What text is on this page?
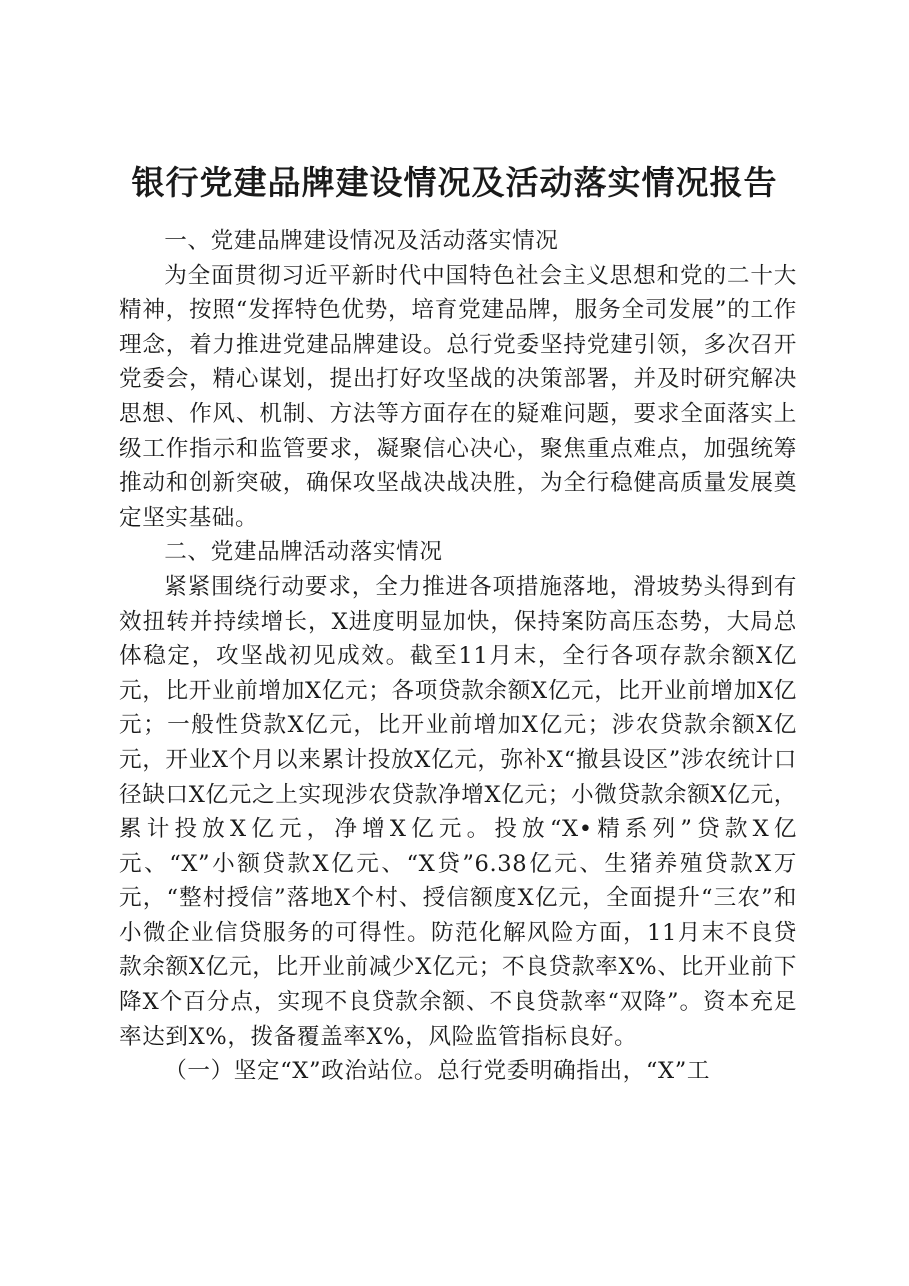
银行党建品牌建设情况及活动落实情况报告

一、党建品牌建设情况及活动落实情况

为全面贯彻习近平新时代中国特色社会主义思想和党的二十大精神，按照“发挥特色优势，培育党建品牌，服务全司发展”的工作理念，着力推进党建品牌建设。总行党委坚持党建引领，多次召开党委会，精心谋划，提出打好攻坚战的决策部署，并及时研究解决思想、作风、机制、方法等方面存在的疑难问题，要求全面落实上级工作指示和监管要求，凝聚信心决心，聚焦重点难点，加强统筹推动和创新突破，确保攻坚战决战决胜，为全行稳健高质量发展奠定坚实基础。

二、党建品牌活动落实情况

紧紧围绕行动要求，全力推进各项措施落地，滑坡势头得到有效扭转并持续增长，X进度明显加快，保持案防高压态势，大局总体稳定，攻坚战初见成效。截至11月末，全行各项存款余额X亿元，比开业前增加X亿元；各项贷款余额X亿元，比开业前增加X亿元；一般性贷款X亿元，比开业前增加X亿元；涉农贷款余额X亿元，开业X个月以来累计投放X亿元，弥补X“撤县设区”涉农统计口径缺口X亿元之上实现涉农贷款净增X亿元；小微贷款余额X亿元，累计投放X亿元，净增X亿元。投放“X•精系列”贷款X亿元、“X”小额贷款X亿元、“X贷”6.38亿元、生猪养殖贷款X万元，“整村授信”落地X个村、授信额度X亿元，全面提升“三农”和小微企业信贷服务的可得性。防范化解风险方面，11月末不良贷款余额X亿元，比开业前减少X亿元；不良贷款率X%、比开业前下降X个百分点，实现不良贷款余额、不良贷款率“双降”。资本充足率达到X%，拨备覆盖率X%，风险监管指标良好。

（一）坚定“X”政治站位。总行党委明确指出，“X”工
